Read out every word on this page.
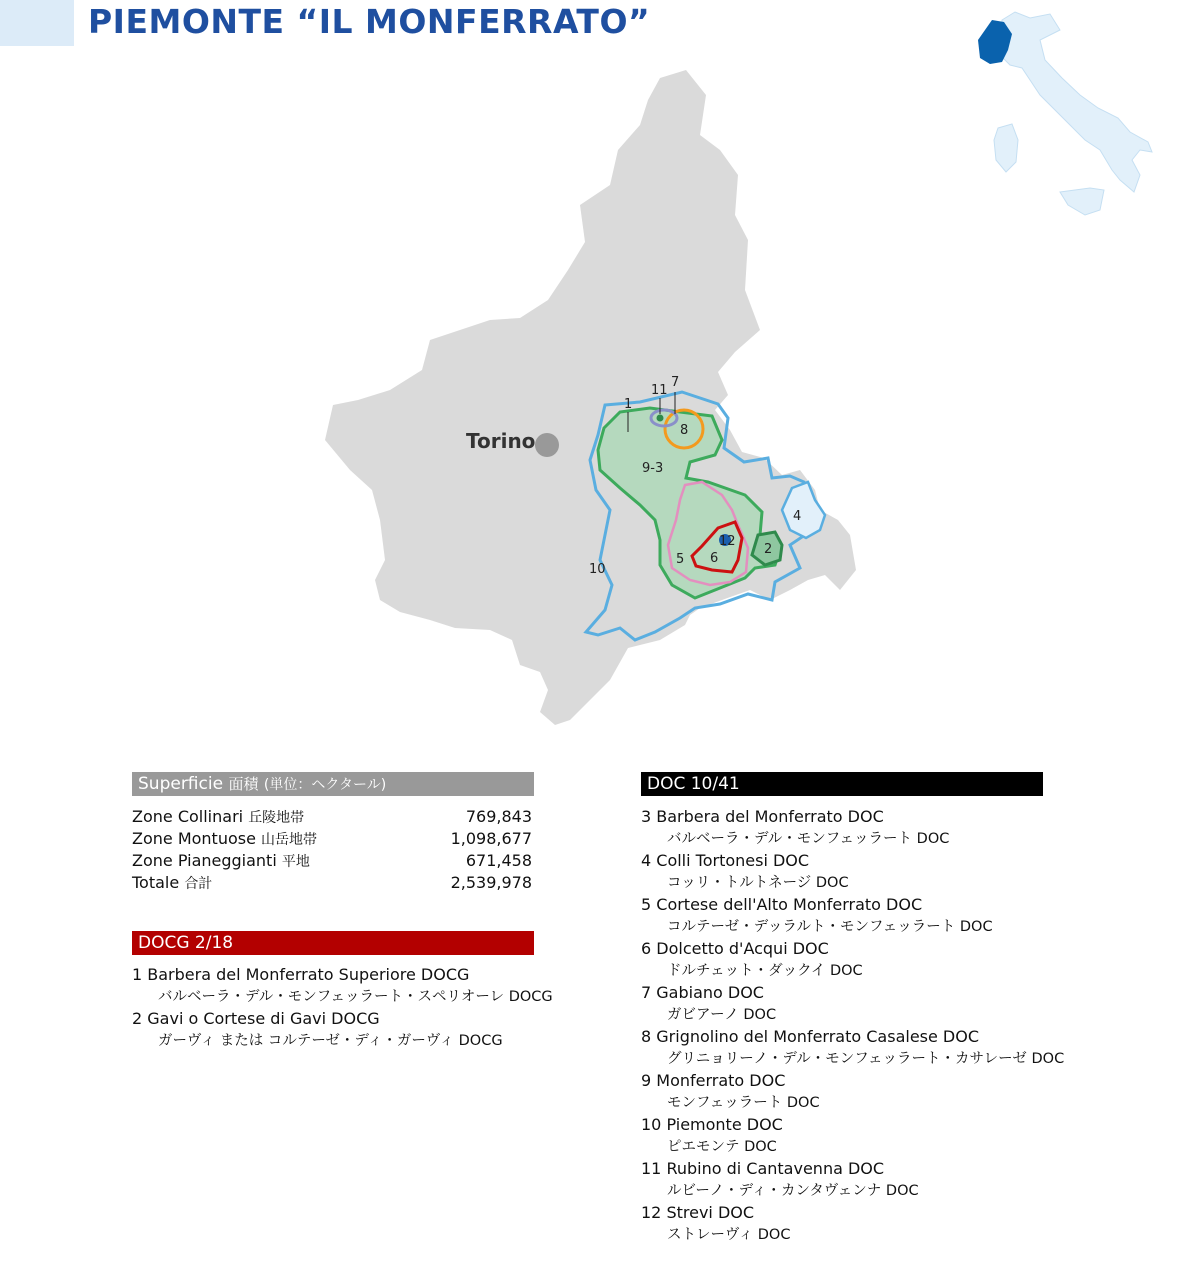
PIEMONTE “IL MONFERRATO”
Torino
1
11
7
8
9-3
4
12
2
5 6
10
Superficie 面積 (単位：ヘクタール)
Zone Collinari 丘陵地帯	769,843
Zone Montuose 山岳地帯	1,098,677
Zone Pianeggianti 平地	671,458
Totale 合計	2,539,978
DOCG 2/18
1 Barbera del Monferrato Superiore DOCG
バルベーラ・デル・モンフェッラート・スペリオーレ DOCG
2 Gavi o Cortese di Gavi DOCG
ガーヴィ または コルテーゼ・ディ・ガーヴィ DOCG
DOC 10/41
3 Barbera del Monferrato DOC
バルベーラ・デル・モンフェッラート DOC
4 Colli Tortonesi DOC
コッリ・トルトネージ DOC
5 Cortese dell'Alto Monferrato DOC
コルテーゼ・デッラルト・モンフェッラート DOC
6 Dolcetto d'Acqui DOC
ドルチェット・ダックイ DOC
7 Gabiano DOC
ガビアーノ DOC
8 Grignolino del Monferrato Casalese DOC
グリニョリーノ・デル・モンフェッラート・カサレーゼ DOC
9 Monferrato DOC
モンフェッラート DOC
10 Piemonte DOC
ピエモンテ DOC
11 Rubino di Cantavenna DOC
ルビーノ・ディ・カンタヴェンナ DOC
12 Strevi DOC
ストレーヴィ DOC
